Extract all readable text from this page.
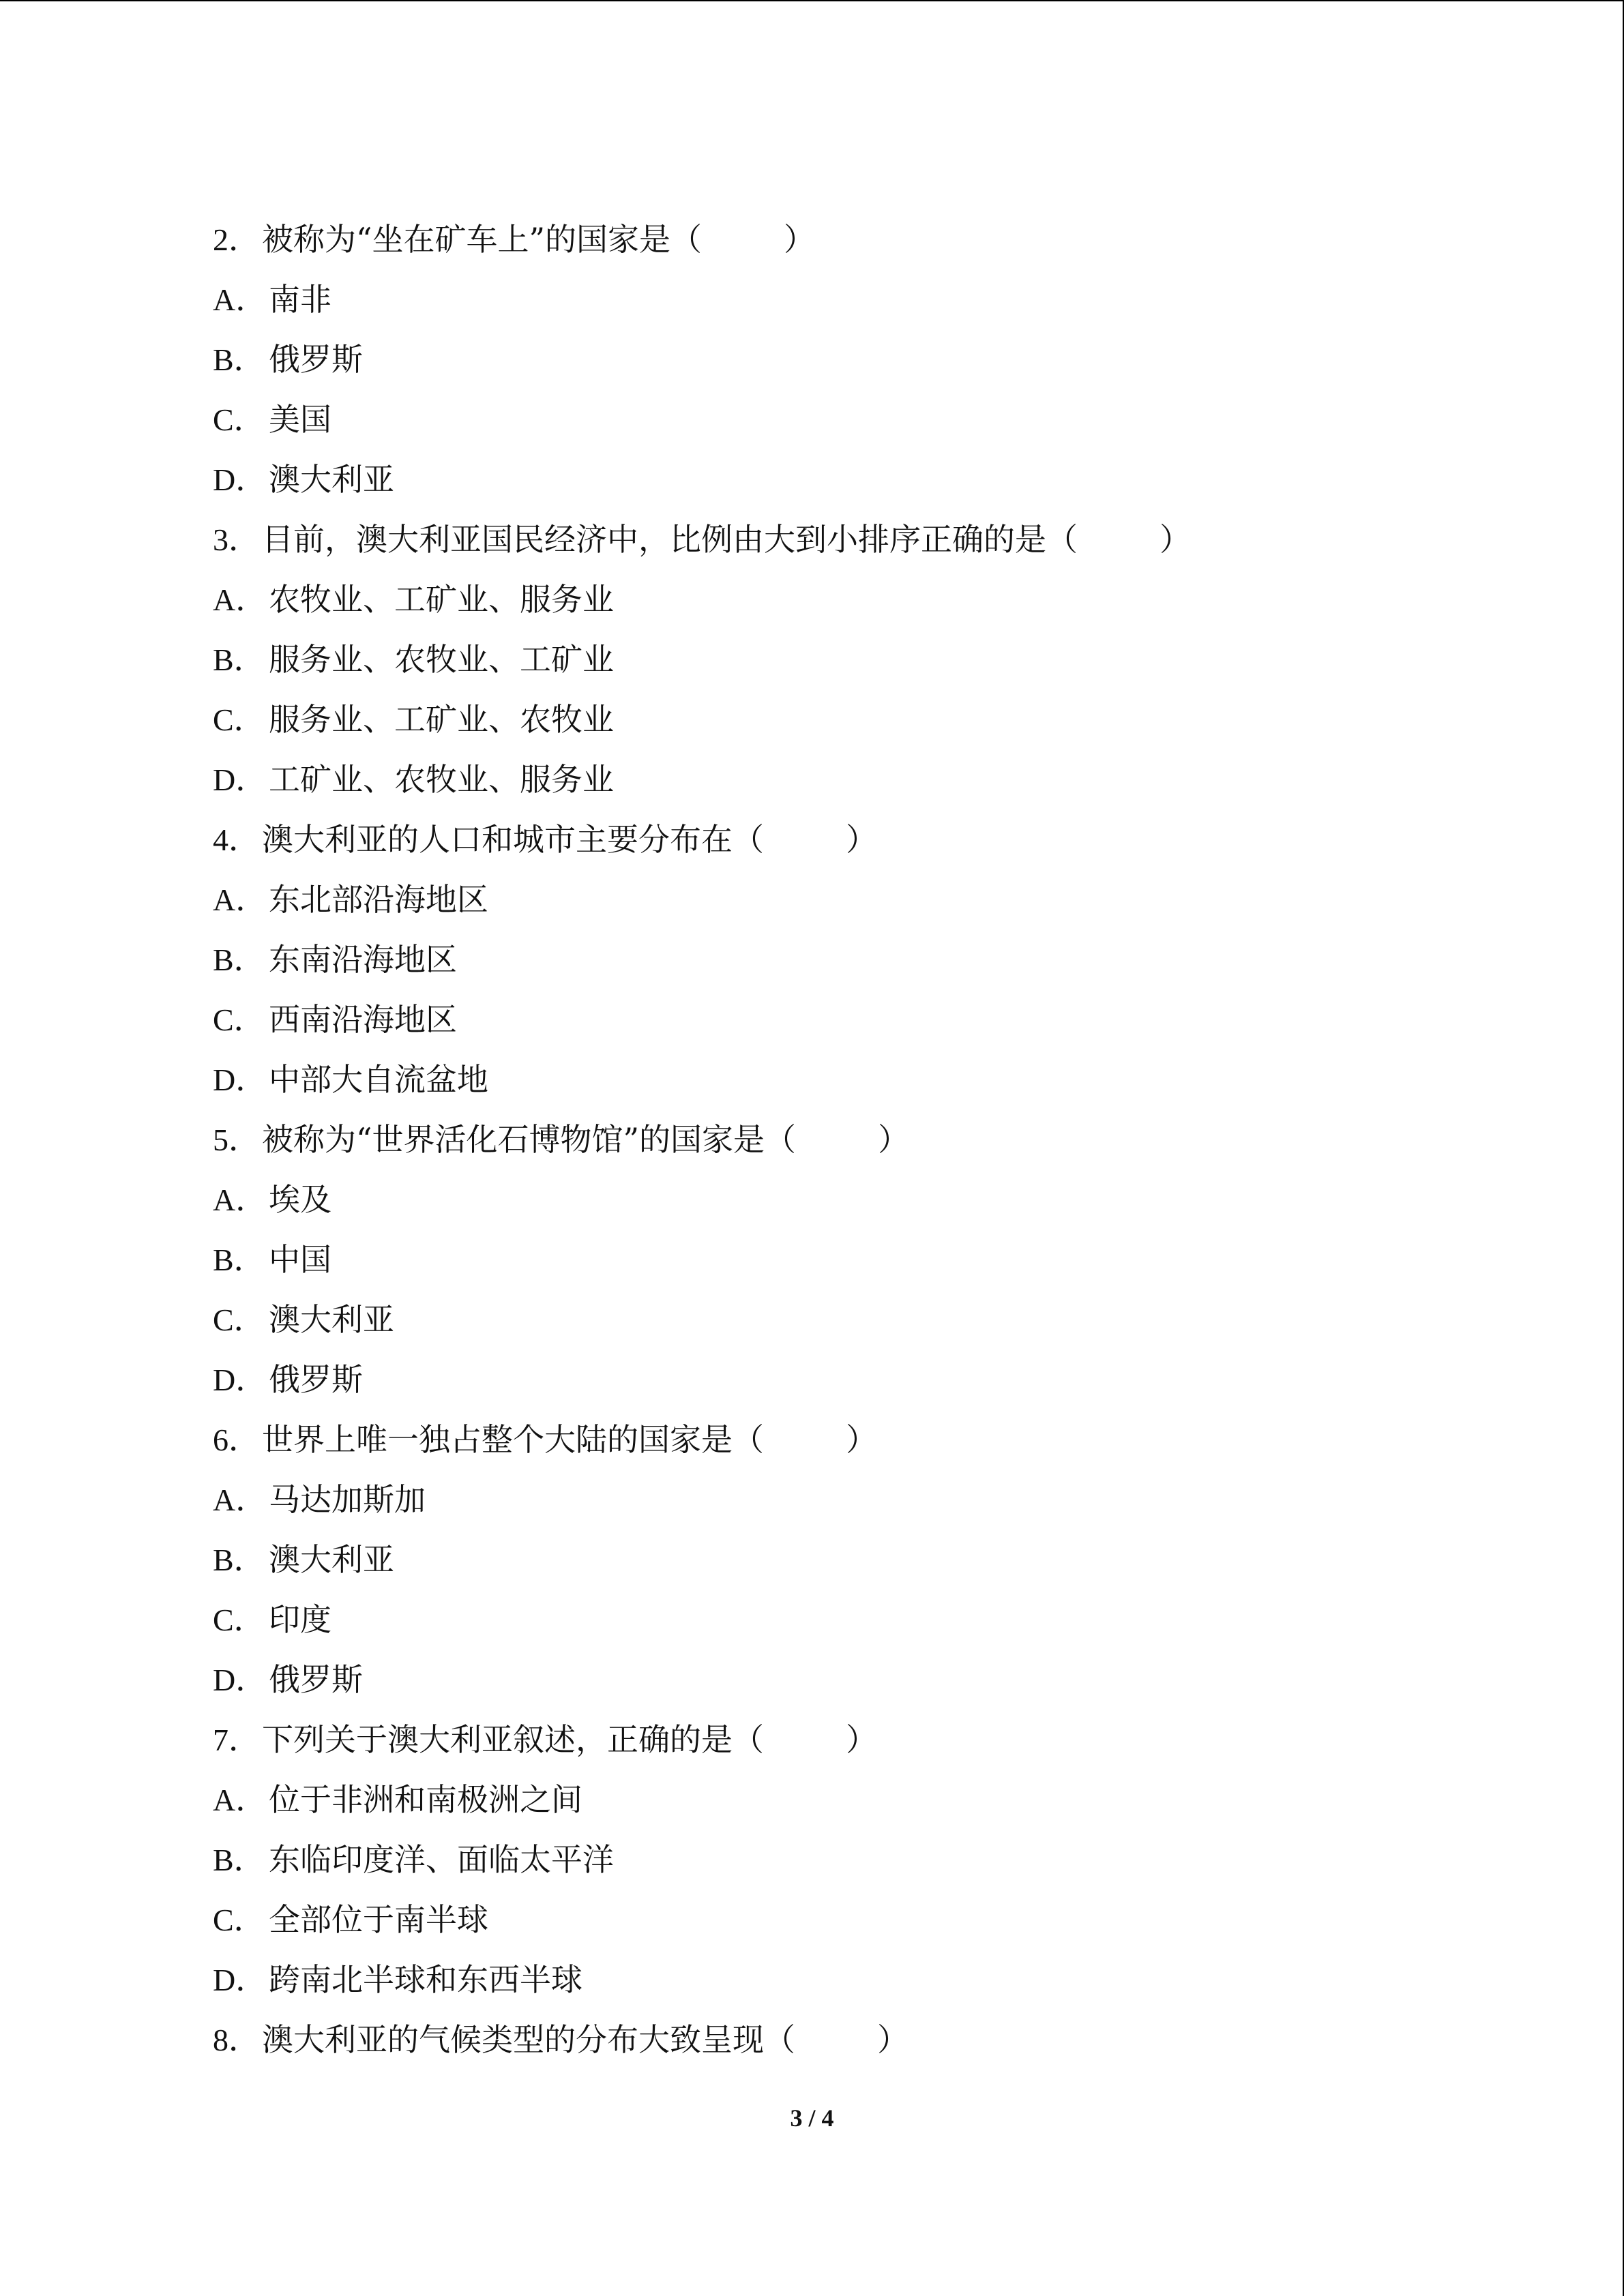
2．被称为“坐在矿车上”的国家是（	）
A．南非
B． 俄罗斯
C． 美国
D．澳大利亚
3．目前，澳大利亚国民经济中，比例由大到小排序正确的是（	）
A．农牧业、工矿业、服务业
B． 服务业、农牧业、工矿业
C． 服务业、工矿业、农牧业
D．工矿业、农牧业、服务业
4．澳大利亚的人口和城市主要分布在（	）
A．东北部沿海地区
B． 东南沿海地区
C． 西南沿海地区
D．中部大自流盆地
5．被称为“世界活化石博物馆”的国家是（	）
A．埃及
B． 中国
C． 澳大利亚
D．俄罗斯
6．世界上唯一独占整个大陆的国家是（	）
A．马达加斯加
B． 澳大利亚
C． 印度
D．俄罗斯
7．下列关于澳大利亚叙述，正确的是（	）
A．位于非洲和南极洲之间
B． 东临印度洋、面临太平洋
C． 全部位于南半球
D．跨南北半球和东西半球
8．澳大利亚的气候类型的分布大致呈现（	）
3 / 4
